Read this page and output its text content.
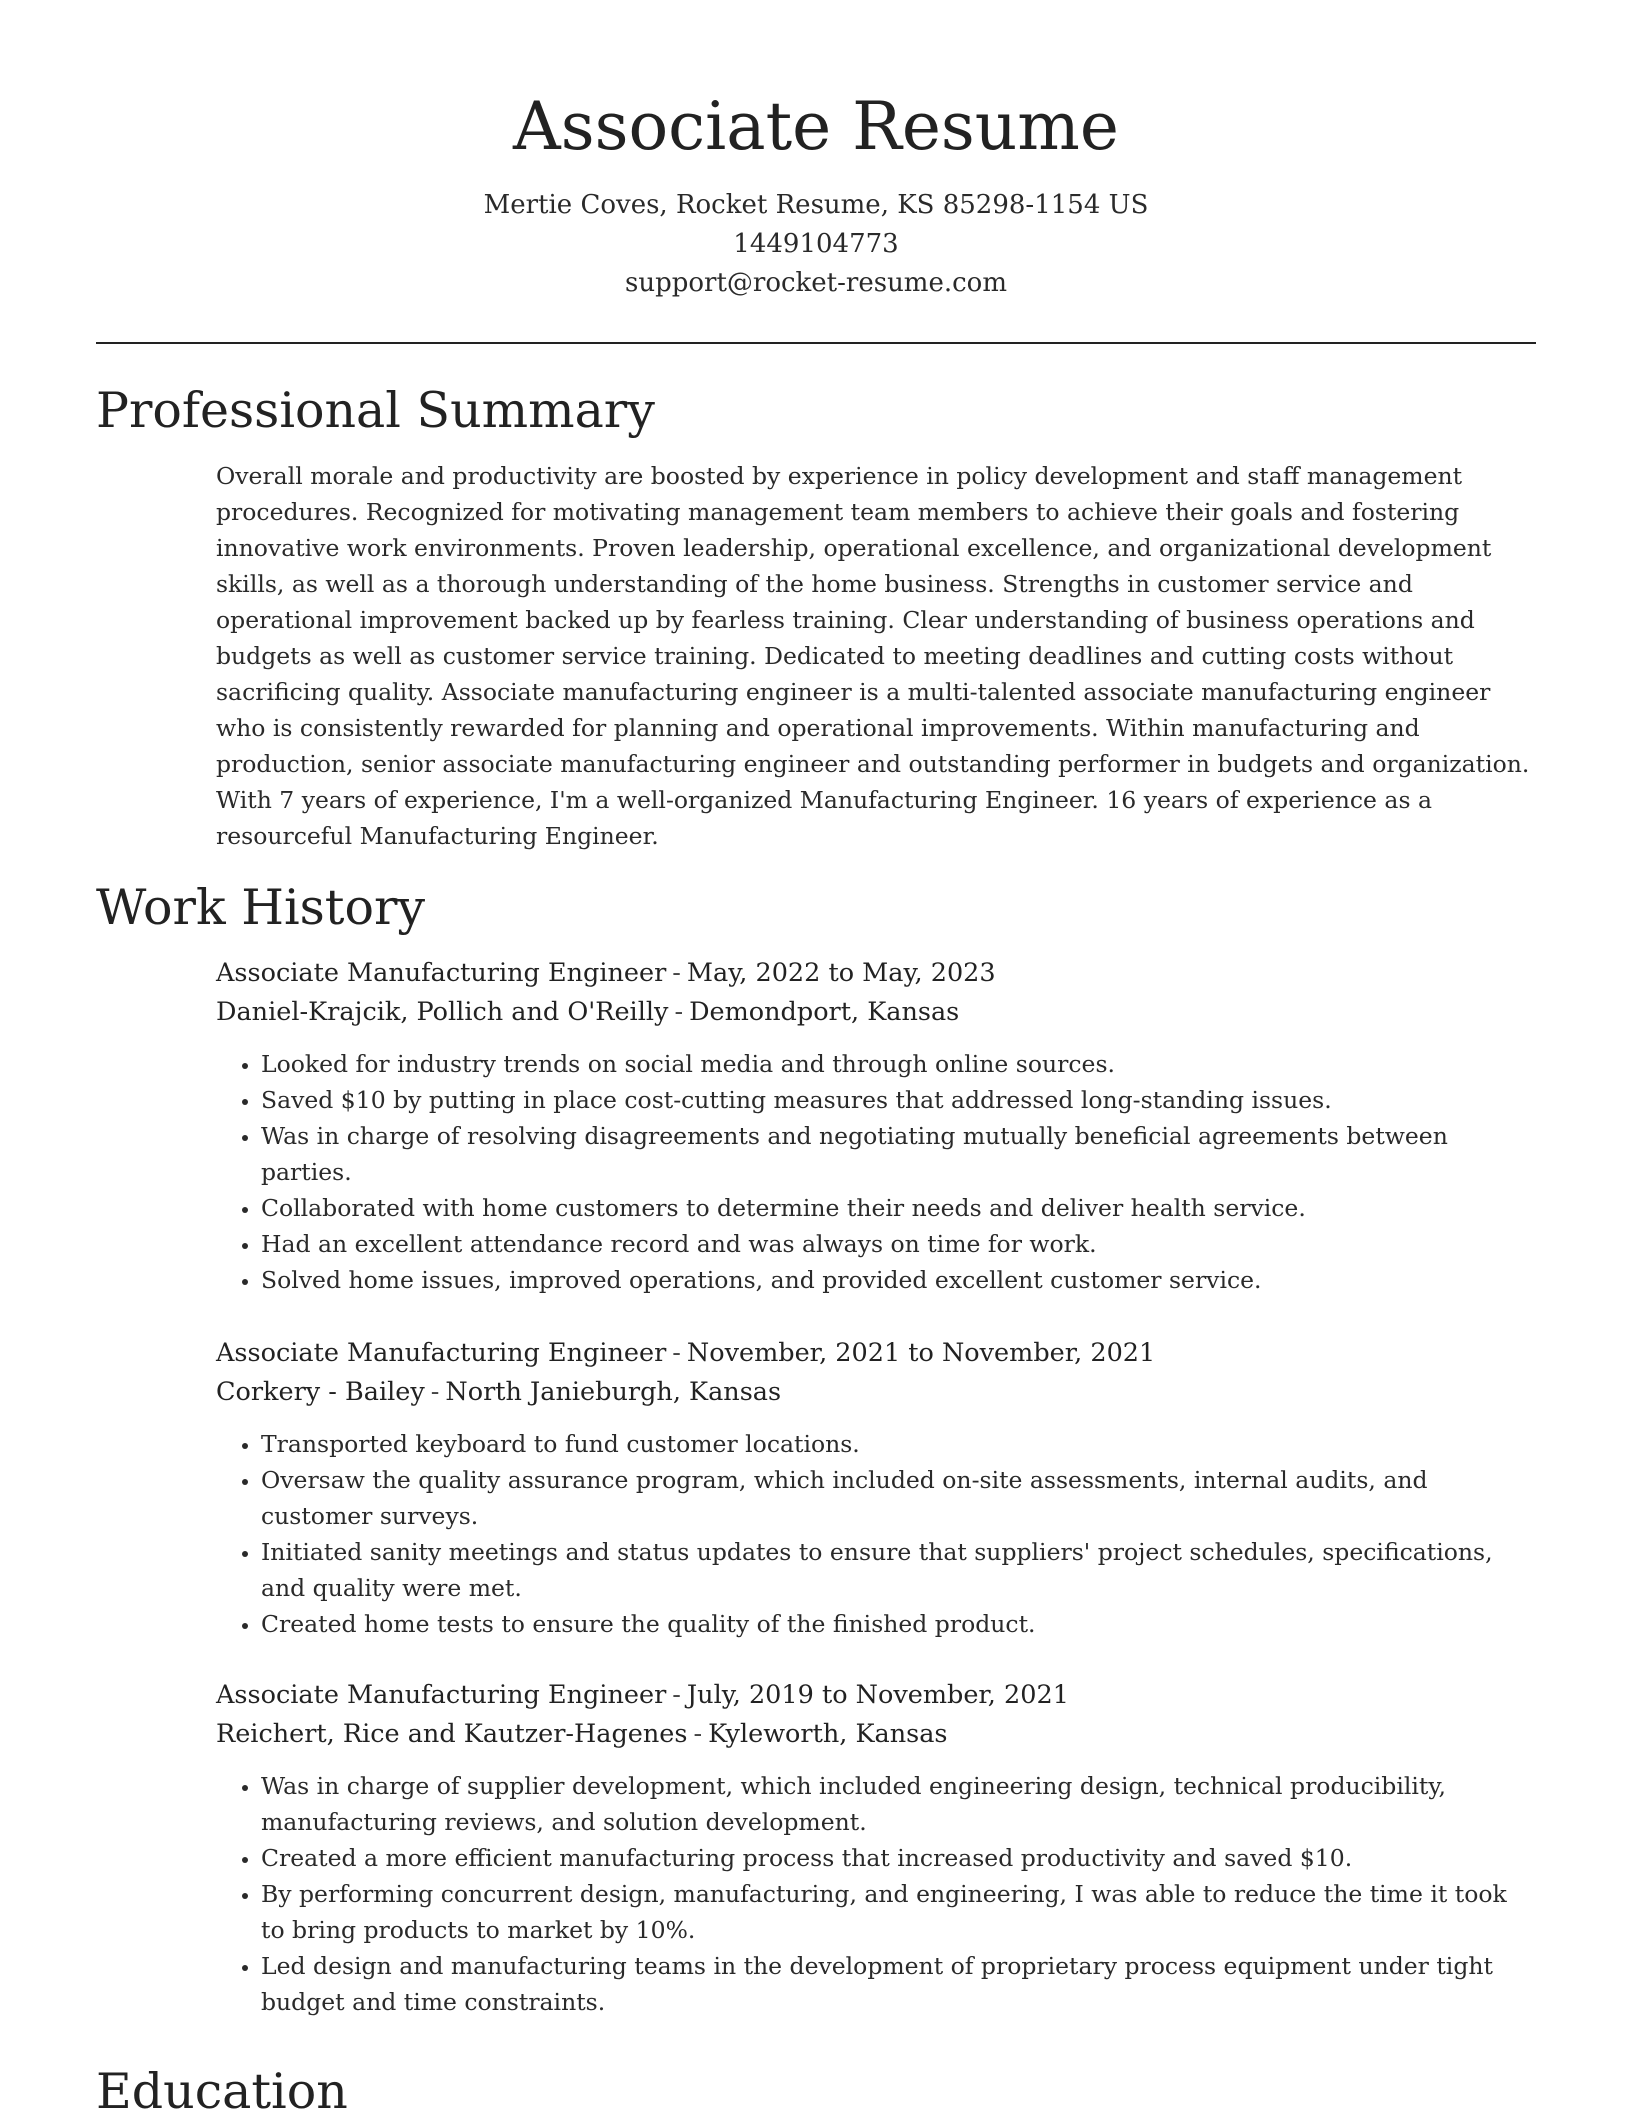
Associate Resume
Mertie Coves, Rocket Resume, KS 85298-1154 US
1449104773
support@rocket-resume.com
Professional Summary

Overall morale and productivity are boosted by experience in policy development and staff management procedures. Recognized for motivating management team members to achieve their goals and fostering innovative work environments. Proven leadership, operational excellence, and organizational development skills, as well as a thorough understanding of the home business. Strengths in customer service and operational improvement backed up by fearless training. Clear understanding of business operations and budgets as well as customer service training. Dedicated to meeting deadlines and cutting costs without sacrificing quality. Associate manufacturing engineer is a multi-talented associate manufacturing engineer who is consistently rewarded for planning and operational improvements. Within manufacturing and production, senior associate manufacturing engineer and outstanding performer in budgets and organization. With 7 years of experience, I'm a well-organized Manufacturing Engineer. 16 years of experience as a resourceful Manufacturing Engineer.

Work History
Associate Manufacturing Engineer - May, 2022 to May, 2023
Daniel-Krajcik, Pollich and O'Reilly - Demondport, Kansas
• Looked for industry trends on social media and through online sources.
• Saved $10 by putting in place cost-cutting measures that addressed long-standing issues.
• Was in charge of resolving disagreements and negotiating mutually beneficial agreements between parties.
• Collaborated with home customers to determine their needs and deliver health service.
• Had an excellent attendance record and was always on time for work.
• Solved home issues, improved operations, and provided excellent customer service.
Associate Manufacturing Engineer - November, 2021 to November, 2021
Corkery - Bailey - North Janieburgh, Kansas
• Transported keyboard to fund customer locations.
• Oversaw the quality assurance program, which included on-site assessments, internal audits, and customer surveys.
• Initiated sanity meetings and status updates to ensure that suppliers' project schedules, specifications, and quality were met.
• Created home tests to ensure the quality of the finished product.
Associate Manufacturing Engineer - July, 2019 to November, 2021
Reichert, Rice and Kautzer-Hagenes - Kyleworth, Kansas
• Was in charge of supplier development, which included engineering design, technical producibility, manufacturing reviews, and solution development.
• Created a more efficient manufacturing process that increased productivity and saved $10.
• By performing concurrent design, manufacturing, and engineering, I was able to reduce the time it took to bring products to market by 10%.
• Led design and manufacturing teams in the development of proprietary process equipment under tight budget and time constraints.
Education
